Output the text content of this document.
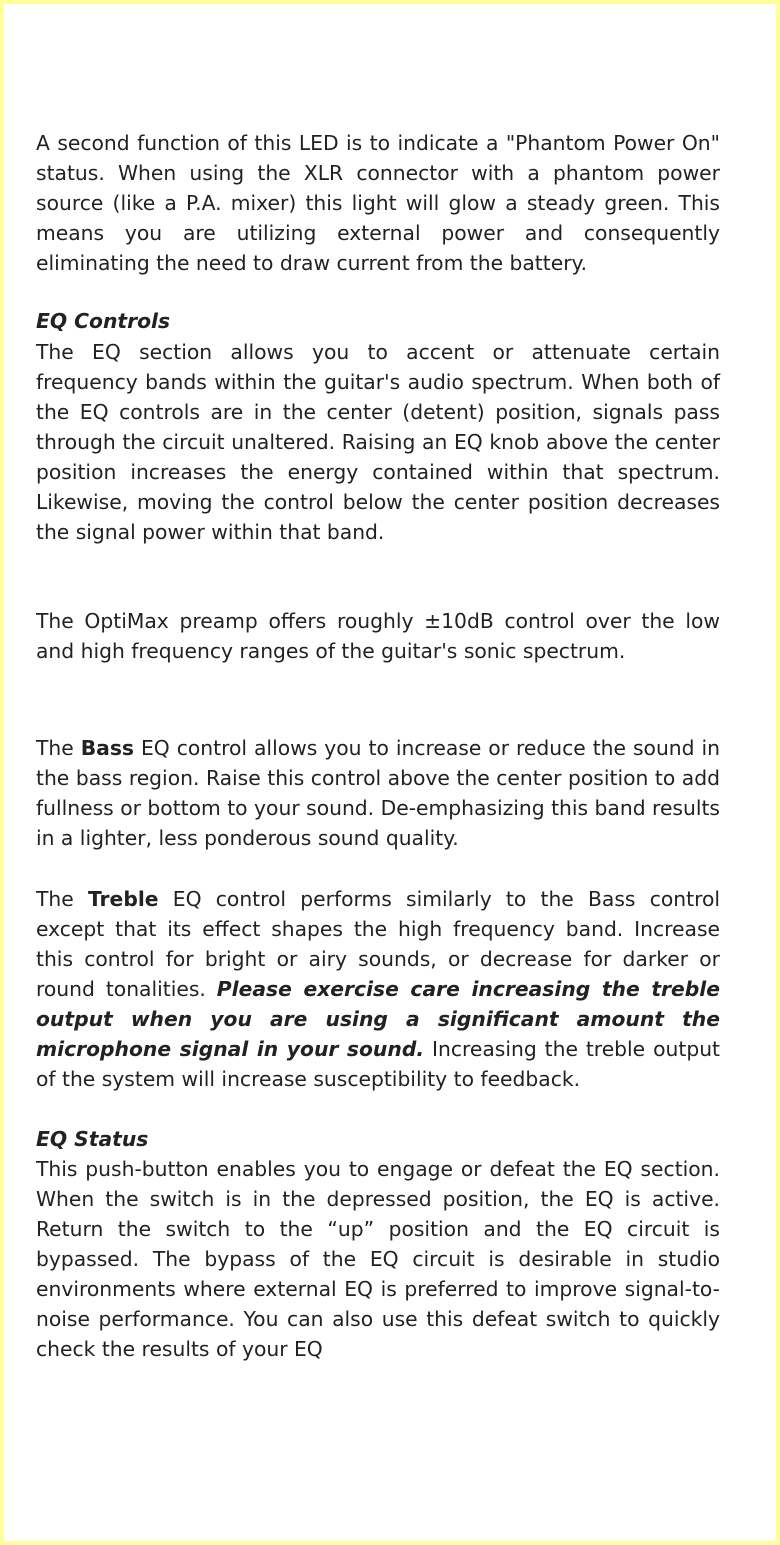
A second function of this LED is to indicate a "Phantom Power On" status. When using the XLR connector with a phantom power source (like a P.A. mixer) this light will glow a steady green. This means you are utilizing external power and consequently eliminating the need to draw current from the battery.

EQ Controls

The EQ section allows you to accent or attenuate certain frequency bands within the guitar's audio spectrum. When both of the EQ controls are in the center (detent) position, signals pass through the circuit unaltered. Raising an EQ knob above the center position increases the energy contained within that spectrum. Likewise, moving the control below the center position decreases the signal power within that band.

The OptiMax preamp offers roughly ±10dB control over the low and high frequency ranges of the guitar's sonic spectrum.

The Bass EQ control allows you to increase or reduce the sound in the bass region. Raise this control above the center position to add fullness or bottom to your sound. De-emphasizing this band results in a lighter, less ponderous sound quality.

The Treble EQ control performs similarly to the Bass control except that its effect shapes the high frequency band. Increase this control for bright or airy sounds, or decrease for darker or round tonalities. Please exercise care increasing the treble output when you are using a significant amount the microphone signal in your sound. Increasing the treble output of the system will increase susceptibility to feedback.

EQ Status

This push-button enables you to engage or defeat the EQ section. When the switch is in the depressed position, the EQ is active. Return the switch to the “up” position and the EQ circuit is bypassed. The bypass of the EQ circuit is desirable in studio environments where external EQ is preferred to improve signal-to-noise performance. You can also use this defeat switch to quickly check the results of your EQ
